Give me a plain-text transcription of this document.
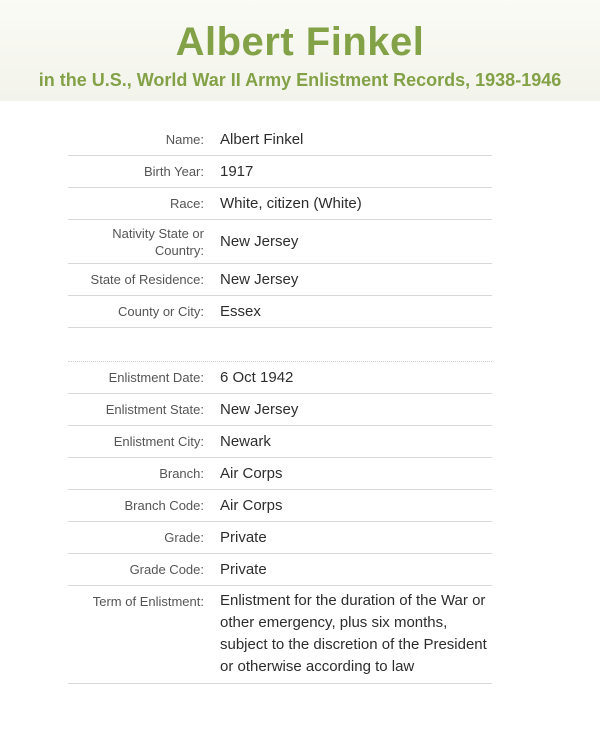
Albert Finkel
in the U.S., World War II Army Enlistment Records, 1938-1946
Name:	Albert Finkel
Birth Year:	1917
Race:	White, citizen (White)
Nativity State or Country:
New Jersey
State of Residence:	New Jersey
County or City:	Essex
Enlistment Date:	6 Oct 1942
Enlistment State:	New Jersey
Enlistment City:	Newark
Branch:	Air Corps
Branch Code:	Air Corps
Grade:	Private
Grade Code:	Private
Term of Enlistment:	Enlistment for the duration of the War or other emergency, plus six months, subject to the discretion of the President or otherwise according to law
